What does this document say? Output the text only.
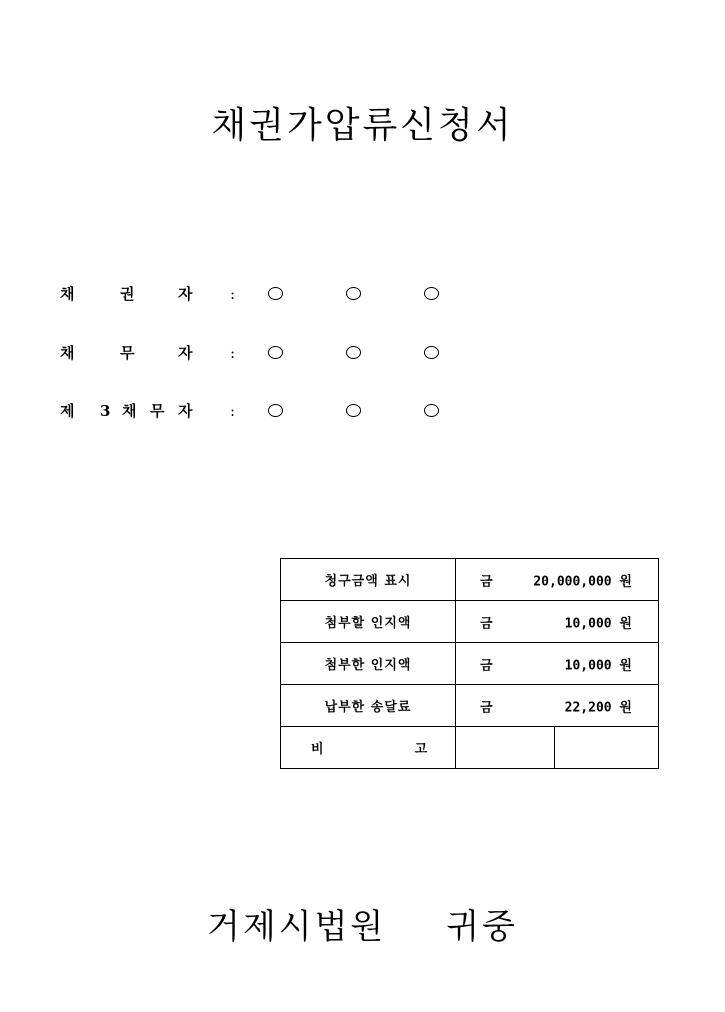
채권가압류신청서
채	권	자	:
채	무	자	:
제 3 채 무 자	:
청구금액 표시	금 20,000,000 원	

첨부할 인지액	금 10,000 원	

첨부한 인지액	금 10,000 원	

납부한 송달료	금 22,200 원	

비 고		
거제시법원 귀중
